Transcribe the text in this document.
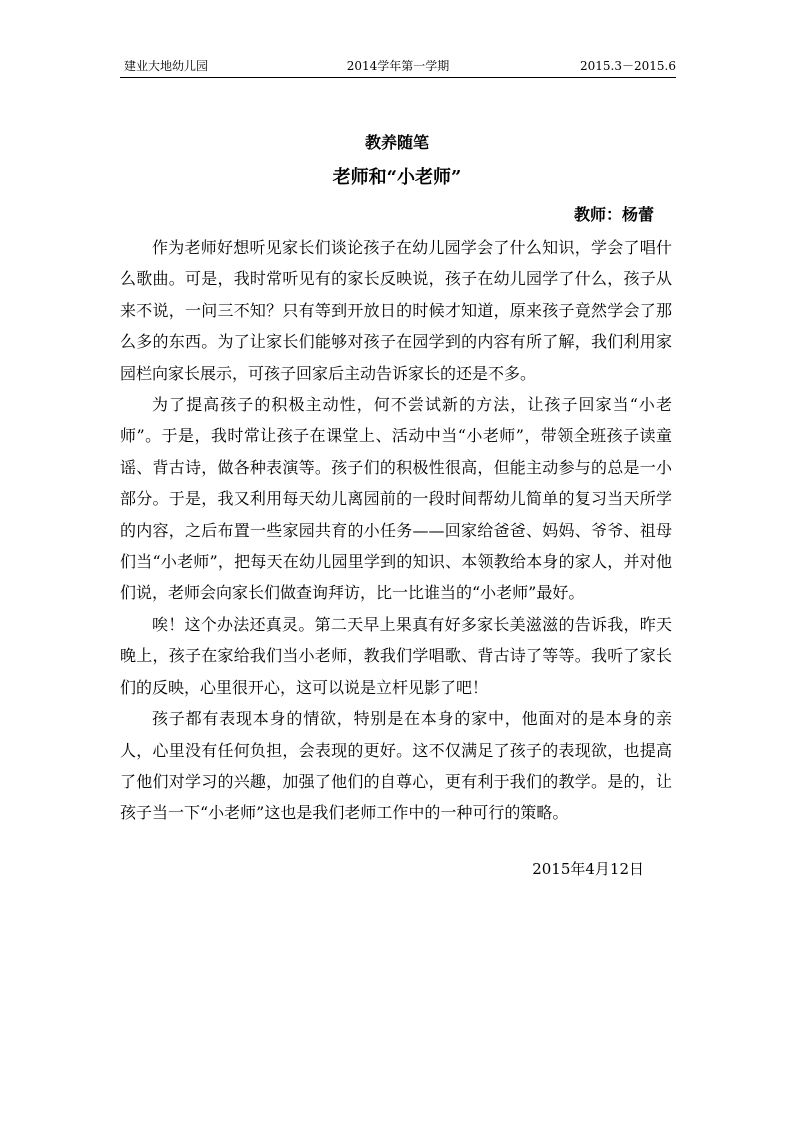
建业大地幼儿园	2014学年第一学期	2015.3－2015.6
教养随笔
老师和“小老师”
教师：杨蕾

作为老师好想听见家长们谈论孩子在幼儿园学会了什么知识，学会了唱什么歌曲。可是，我时常听见有的家长反映说，孩子在幼儿园学了什么，孩子从来不说，一问三不知？只有等到开放日的时候才知道，原来孩子竟然学会了那么多的东西。为了让家长们能够对孩子在园学到的内容有所了解，我们利用家园栏向家长展示，可孩子回家后主动告诉家长的还是不多。

为了提高孩子的积极主动性，何不尝试新的方法，让孩子回家当“小老师”。于是，我时常让孩子在课堂上、活动中当“小老师”，带领全班孩子读童谣、背古诗，做各种表演等。孩子们的积极性很高，但能主动参与的总是一小部分。于是，我又利用每天幼儿离园前的一段时间帮幼儿简单的复习当天所学的内容，之后布置一些家园共育的小任务——回家给爸爸、妈妈、爷爷、祖母们当“小老师”，把每天在幼儿园里学到的知识、本领教给本身的家人，并对他们说，老师会向家长们做查询拜访，比一比谁当的“小老师”最好。

唉！这个办法还真灵。第二天早上果真有好多家长美滋滋的告诉我，昨天晚上，孩子在家给我们当小老师，教我们学唱歌、背古诗了等等。我听了家长们的反映，心里很开心，这可以说是立杆见影了吧！

孩子都有表现本身的情欲，特别是在本身的家中，他面对的是本身的亲人，心里没有任何负担，会表现的更好。这不仅满足了孩子的表现欲，也提高了他们对学习的兴趣，加强了他们的自尊心，更有利于我们的教学。是的，让孩子当一下“小老师”这也是我们老师工作中的一种可行的策略。

2015年4月12日
